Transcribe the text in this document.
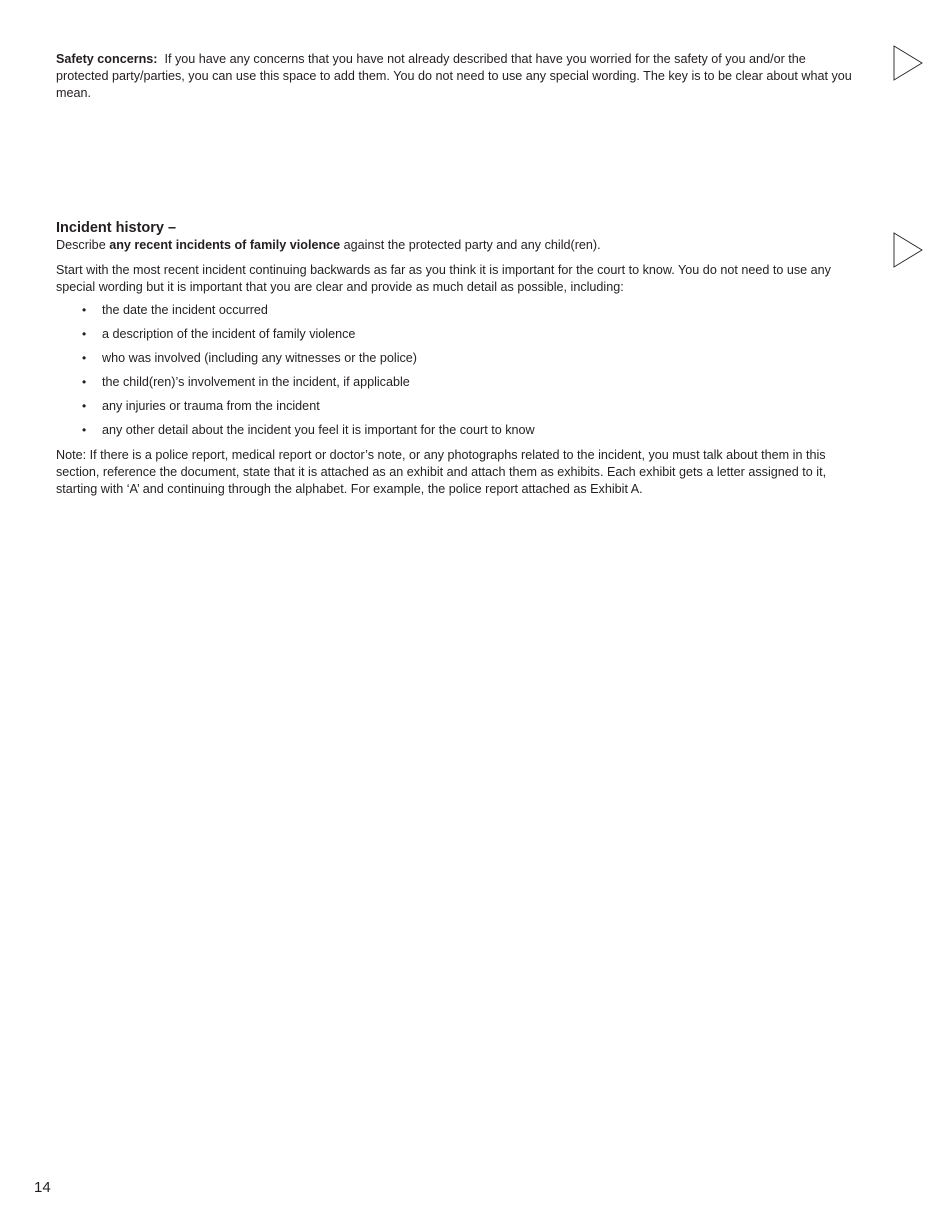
Safety concerns: If you have any concerns that you have not already described that have you worried for the safety of you and/or the protected party/parties, you can use this space to add them. You do not need to use any special wording. The key is to be clear about what you mean.

Incident history –

Describe any recent incidents of family violence against the protected party and any child(ren).

Start with the most recent incident continuing backwards as far as you think it is important for the court to know. You do not need to use any special wording but it is important that you are clear and provide as much detail as possible, including:

• the date the incident occurred
• a description of the incident of family violence
• who was involved (including any witnesses or the police)
• the child(ren)’s involvement in the incident, if applicable
• any injuries or trauma from the incident
• any other detail about the incident you feel it is important for the court to know

Note: If there is a police report, medical report or doctor’s note, or any photographs related to the incident, you must talk about them in this section, reference the document, state that it is attached as an exhibit and attach them as exhibits. Each exhibit gets a letter assigned to it, starting with ‘A’ and continuing through the alphabet. For example, the police report attached as Exhibit A.

14
